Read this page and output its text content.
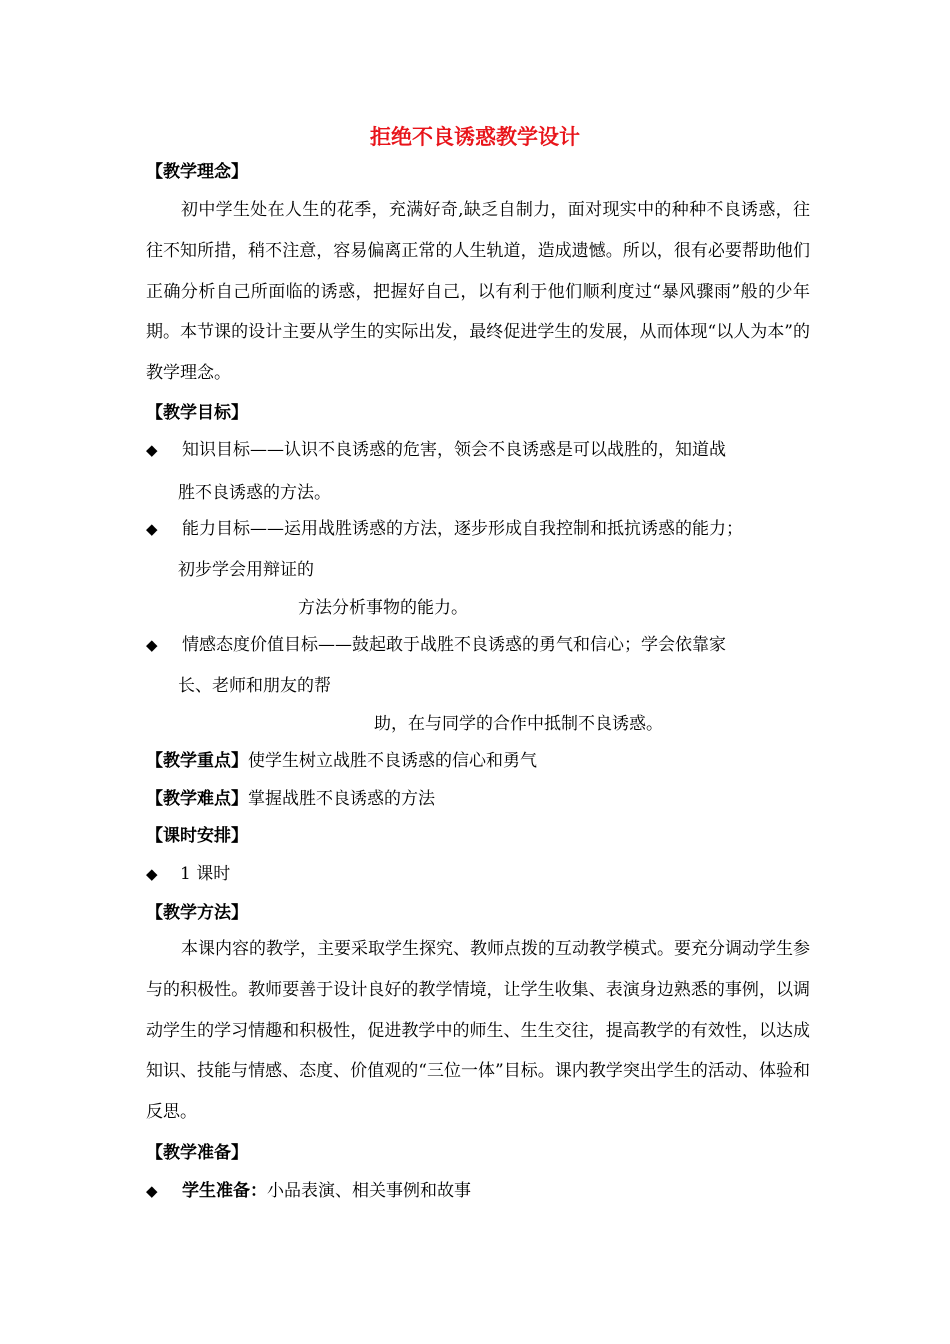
拒绝不良诱惑教学设计
【教学理念】

初中学生处在人生的花季，充满好奇,缺乏自制力，面对现实中的种种不良诱惑，往往不知所措，稍不注意，容易偏离正常的人生轨道，造成遗憾。所以，很有必要帮助他们正确分析自己所面临的诱惑，把握好自己，以有利于他们顺利度过“暴风骤雨”般的少年期。本节课的设计主要从学生的实际出发，最终促进学生的发展，从而体现“以人为本”的教学理念。

【教学目标】
◆ 知识目标——认识不良诱惑的危害，领会不良诱惑是可以战胜的，知道战
胜不良诱惑的方法。
◆ 能力目标——运用战胜诱惑的方法，逐步形成自我控制和抵抗诱惑的能力；
初步学会用辩证的
方法分析事物的能力。
◆ 情感态度价值目标——鼓起敢于战胜不良诱惑的勇气和信心；学会依靠家
长、老师和朋友的帮
助，在与同学的合作中抵制不良诱惑。
【教学重点】使学生树立战胜不良诱惑的信心和勇气
【教学难点】掌握战胜不良诱惑的方法
【课时安排】
◆ 1 课时
【教学方法】

本课内容的教学，主要采取学生探究、教师点拨的互动教学模式。要充分调动学生参与的积极性。教师要善于设计良好的教学情境，让学生收集、表演身边熟悉的事例，以调动学生的学习情趣和积极性，促进教学中的师生、生生交往，提高教学的有效性，以达成知识、技能与情感、态度、价值观的“三位一体”目标。课内教学突出学生的活动、体验和反思。

【教学准备】
◆ 学生准备：小品表演、相关事例和故事
